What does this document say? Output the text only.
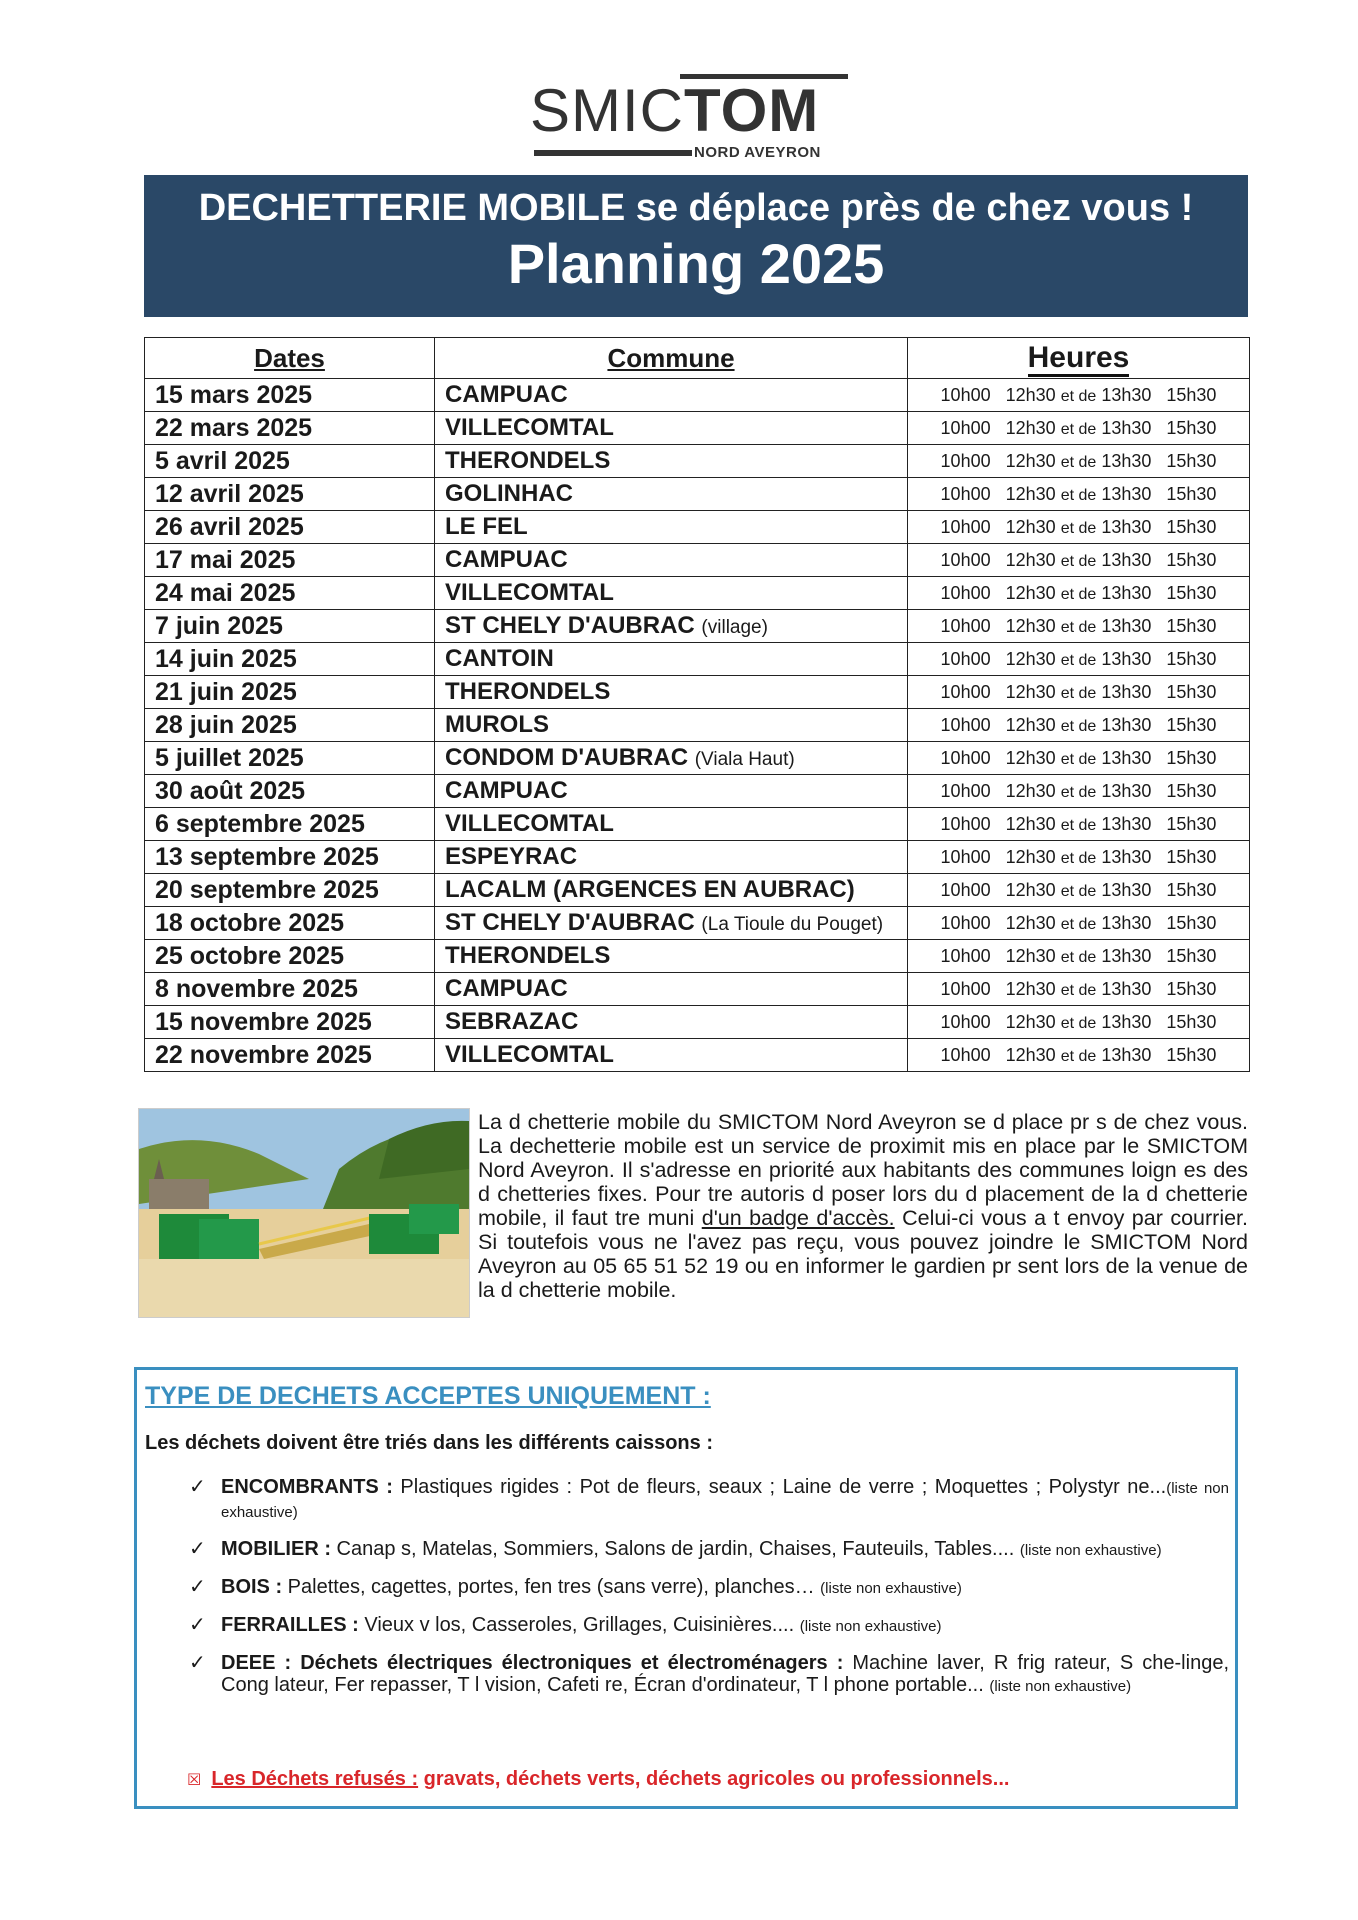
SMICTOM
NORD AVEYRON
DECHETTERIE MOBILE se déplace près de chez vous !
Planning 2025
Dates	Commune	Heures
15 mars 2025	CAMPUAC	10h00 12h30 et de 13h30 15h30
22 mars 2025	VILLECOMTAL	10h00 12h30 et de 13h30 15h30
5 avril 2025	THERONDELS	10h00 12h30 et de 13h30 15h30
12 avril 2025	GOLINHAC	10h00 12h30 et de 13h30 15h30
26 avril 2025	LE FEL	10h00 12h30 et de 13h30 15h30
17 mai 2025	CAMPUAC	10h00 12h30 et de 13h30 15h30
24 mai 2025	VILLECOMTAL	10h00 12h30 et de 13h30 15h30
7 juin 2025	ST CHELY D'AUBRAC (village)	10h00 12h30 et de 13h30 15h30
14 juin 2025	CANTOIN	10h00 12h30 et de 13h30 15h30
21 juin 2025	THERONDELS	10h00 12h30 et de 13h30 15h30
28 juin 2025	MUROLS	10h00 12h30 et de 13h30 15h30
5 juillet 2025	CONDOM D'AUBRAC (Viala Haut)	10h00 12h30 et de 13h30 15h30
30 août 2025	CAMPUAC	10h00 12h30 et de 13h30 15h30
6 septembre 2025	VILLECOMTAL	10h00 12h30 et de 13h30 15h30
13 septembre 2025	ESPEYRAC	10h00 12h30 et de 13h30 15h30
20 septembre 2025	LACALM (ARGENCES EN AUBRAC)	10h00 12h30 et de 13h30 15h30
18 octobre 2025	ST CHELY D'AUBRAC (La Tioule du Pouget)	10h00 12h30 et de 13h30 15h30
25 octobre 2025	THERONDELS	10h00 12h30 et de 13h30 15h30
8 novembre 2025	CAMPUAC	10h00 12h30 et de 13h30 15h30
15 novembre 2025	SEBRAZAC	10h00 12h30 et de 13h30 15h30
22 novembre 2025	VILLECOMTAL	10h00 12h30 et de 13h30 15h30
La d chetterie mobile du SMICTOM Nord Aveyron se d place pr s de chez vous. La dechetterie mobile est un service de proximit mis en place par le SMICTOM Nord Aveyron. Il s'adresse en priorité aux habitants des communes loign es des d chetteries fixes. Pour tre autoris d poser lors du d placement de la d chetterie mobile, il faut tre muni d'un badge d'accès. Celui-ci vous a t envoy par courrier. Si toutefois vous ne l'avez pas reçu, vous pouvez joindre le SMICTOM Nord Aveyron au 05 65 51 52 19 ou en informer le gardien pr sent lors de la venue de la d chetterie mobile.
TYPE DE DECHETS ACCEPTES UNIQUEMENT :
Les déchets doivent être triés dans les différents caissons :
✓ ENCOMBRANTS : Plastiques rigides : Pot de fleurs, seaux ; Laine de verre ; Moquettes ; Polystyr ne...(liste non exhaustive)
✓ MOBILIER : Canap s, Matelas, Sommiers, Salons de jardin, Chaises, Fauteuils, Tables.... (liste non exhaustive)
✓ BOIS : Palettes, cagettes, portes, fen tres (sans verre), planches… (liste non exhaustive)
✓ FERRAILLES : Vieux v los, Casseroles, Grillages, Cuisinières.... (liste non exhaustive)
✓ DEEE : Déchets électriques électroniques et électroménagers : Machine laver, R frig rateur, S che-linge, Cong lateur, Fer repasser, T l vision, Cafeti re, Écran d'ordinateur, T l phone portable... (liste non exhaustive)
☒ Les Déchets refusés : gravats, déchets verts, déchets agricoles ou professionnels...
